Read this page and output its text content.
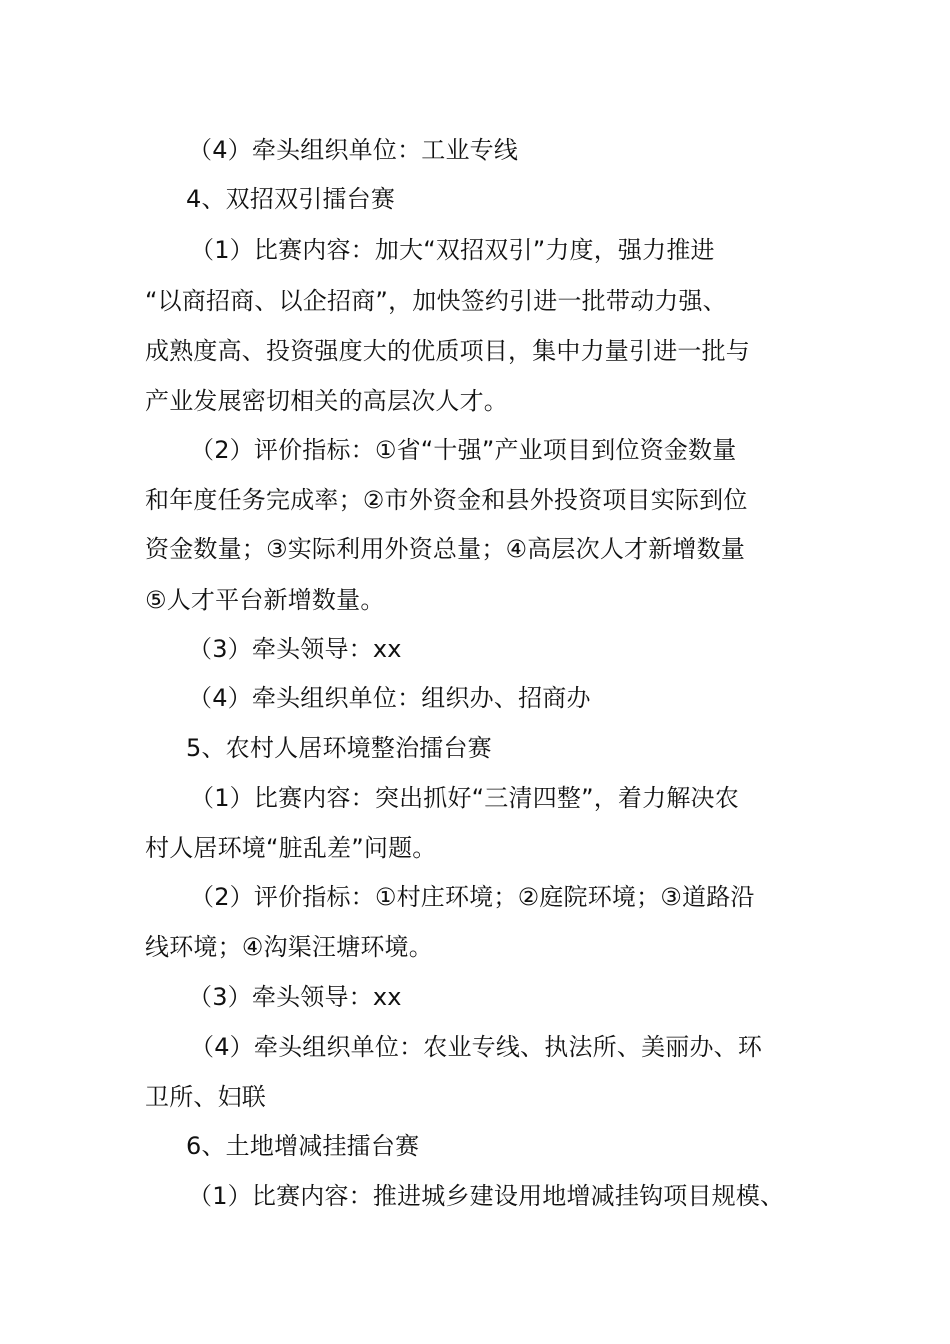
（4）牵头组织单位：工业专线
4、双招双引擂台赛
（1）比赛内容：加大“双招双引”力度，强力推进
“以商招商、以企招商”，加快签约引进一批带动力强、
成熟度高、投资强度大的优质项目，集中力量引进一批与
产业发展密切相关的高层次人才。
（2）评价指标：①省“十强”产业项目到位资金数量
和年度任务完成率；②市外资金和县外投资项目实际到位
资金数量；③实际利用外资总量；④高层次人才新增数量
⑤人才平台新增数量。
（3）牵头领导：xx
（4）牵头组织单位：组织办、招商办
5、农村人居环境整治擂台赛
（1）比赛内容：突出抓好“三清四整”，着力解决农
村人居环境“脏乱差”问题。
（2）评价指标：①村庄环境；②庭院环境；③道路沿
线环境；④沟渠汪塘环境。
（3）牵头领导：xx
（4）牵头组织单位：农业专线、执法所、美丽办、环
卫所、妇联
6、土地增减挂擂台赛
（1）比赛内容：推进城乡建设用地增减挂钩项目规模、
